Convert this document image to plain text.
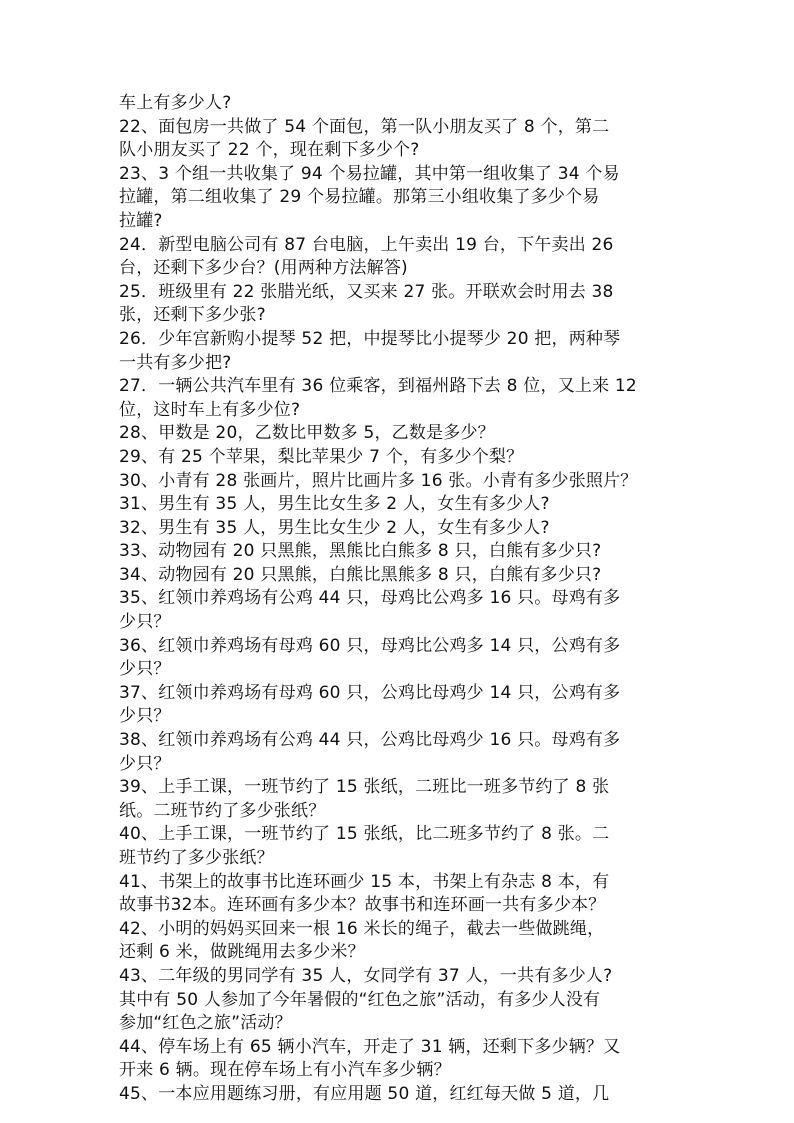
车上有多少人?
22、面包房一共做了 54 个面包，第一队小朋友买了 8 个，第二
队小朋友买了 22 个，现在剩下多少个?
23、3 个组一共收集了 94 个易拉罐，其中第一组收集了 34 个易
拉罐，第二组收集了 29 个易拉罐。那第三小组收集了多少个易
拉罐?
24．新型电脑公司有 87 台电脑，上午卖出 19 台，下午卖出 26
台，还剩下多少台？(用两种方法解答)
25．班级里有 22 张腊光纸，又买来 27 张。开联欢会时用去 38
张，还剩下多少张?
26．少年宫新购小提琴 52 把，中提琴比小提琴少 20 把，两种琴
一共有多少把?
27．一辆公共汽车里有 36 位乘客，到福州路下去 8 位，又上来 12
位，这时车上有多少位?
28、甲数是 20，乙数比甲数多 5，乙数是多少？
29、有 25 个苹果，梨比苹果少 7 个，有多少个梨？
30、小青有 28 张画片，照片比画片多 16 张。小青有多少张照片？
31、男生有 35 人，男生比女生多 2 人，女生有多少人?
32、男生有 35 人，男生比女生少 2 人，女生有多少人?
33、动物园有 20 只黑熊，黑熊比白熊多 8 只，白熊有多少只?
34、动物园有 20 只黑熊，白熊比黑熊多 8 只，白熊有多少只?
35、红领巾养鸡场有公鸡 44 只，母鸡比公鸡多 16 只。母鸡有多
少只？
36、红领巾养鸡场有母鸡 60 只，母鸡比公鸡多 14 只，公鸡有多
少只？
37、红领巾养鸡场有母鸡 60 只，公鸡比母鸡少 14 只，公鸡有多
少只？
38、红领巾养鸡场有公鸡 44 只，公鸡比母鸡少 16 只。母鸡有多
少只？
39、上手工课，一班节约了 15 张纸，二班比一班多节约了 8 张
纸。二班节约了多少张纸？
40、上手工课，一班节约了 15 张纸，比二班多节约了 8 张。二
班节约了多少张纸？
41、书架上的故事书比连环画少 15 本，书架上有杂志 8 本，有
故事书32本。连环画有多少本？故事书和连环画一共有多少本？
42、小明的妈妈买回来一根 16 米长的绳子，截去一些做跳绳，
还剩 6 米，做跳绳用去多少米？
43、二年级的男同学有 35 人，女同学有 37 人，一共有多少人?
其中有 50 人参加了今年暑假的“红色之旅”活动，有多少人没有
参加“红色之旅”活动？
44、停车场上有 65 辆小汽车，开走了 31 辆，还剩下多少辆？又
开来 6 辆。现在停车场上有小汽车多少辆？
45、一本应用题练习册，有应用题 50 道，红红每天做 5 道，几
